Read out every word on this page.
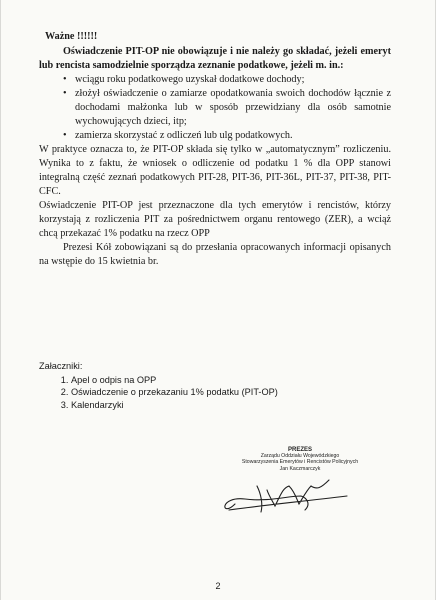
Ważne !!!!!!

Oświadczenie PIT-OP nie obowiązuje i nie należy go składać, jeżeli emeryt lub rencista samodzielnie sporządza zeznanie podatkowe, jeżeli m. in.:

• wciągu roku podatkowego uzyskał dodatkowe dochody;
• złożył oświadczenie o zamiarze opodatkowania swoich dochodów łącznie z dochodami małżonka lub w sposób przewidziany dla osób samotnie wychowujących dzieci, itp;
• zamierza skorzystać z odliczeń lub ulg podatkowych.

W praktyce oznacza to, że PIT-OP składa się tylko w „automatycznym” rozliczeniu. Wynika to z faktu, że wniosek o odliczenie od podatku 1 % dla OPP stanowi integralną część zeznań podatkowych PIT-28, PIT-36, PIT-36L, PIT-37, PIT-38, PIT-CFC.

Oświadczenie PIT-OP jest przeznaczone dla tych emerytów i rencistów, którzy korzystają z rozliczenia PIT za pośrednictwem organu rentowego (ZER), a wciąż chcą przekazać 1% podatku na rzecz OPP

Prezesi Kół zobowiązani są do przesłania opracowanych informacji opisanych na wstępie do 15 kwietnia br.

Załaczniki:
1. Apel o odpis na OPP
2. Oświadczenie o przekazaniu 1% podatku (PIT-OP)
3. Kalendarzyki
PREZES
Zarządu Oddziału Wojewódzkiego
Stowarzyszenia Emerytów i Rencistów Policyjnych
Jan Kaczmarczyk
2
